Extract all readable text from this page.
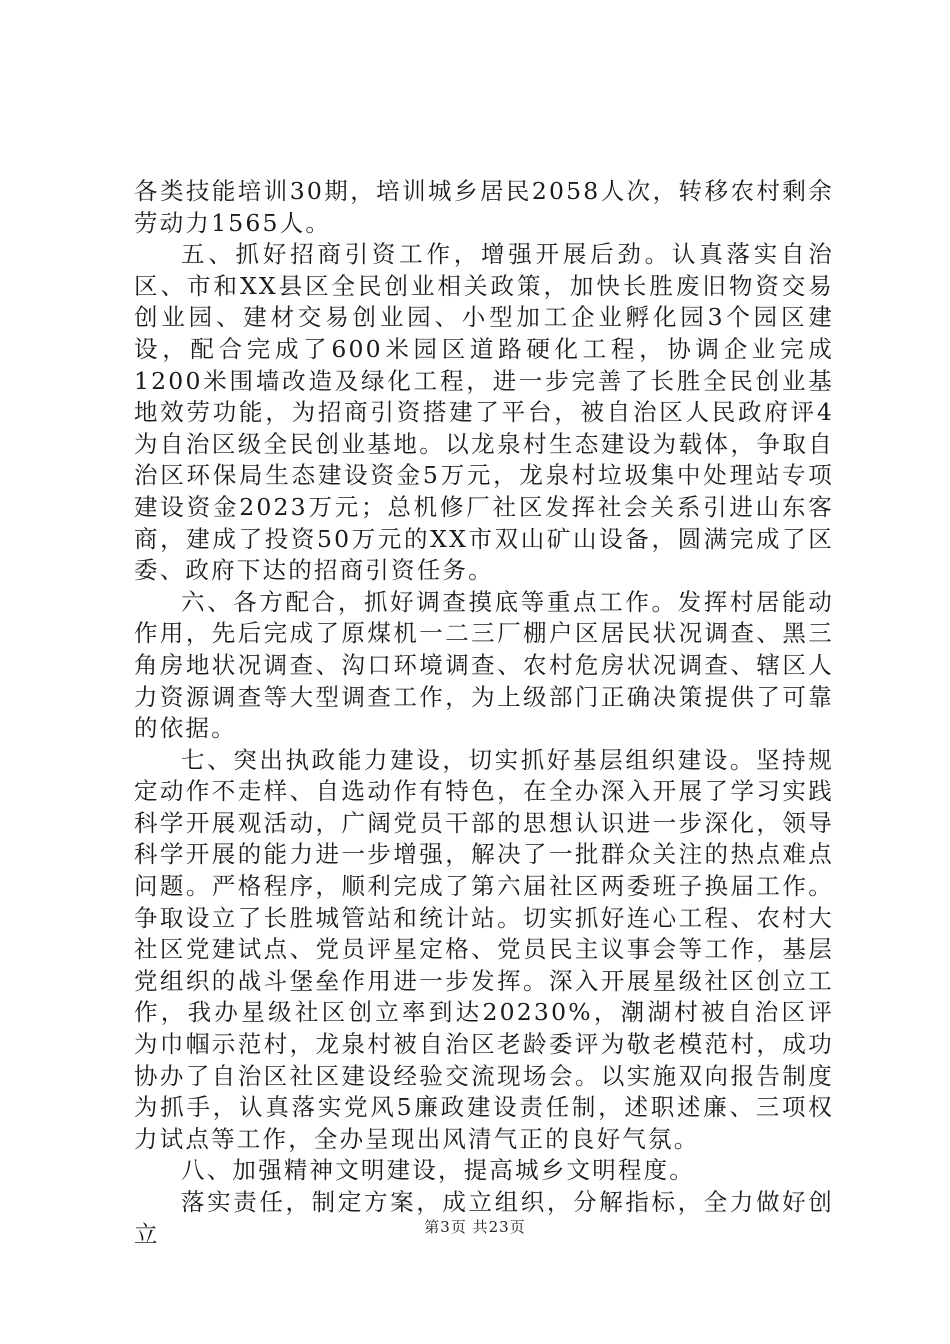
各类技能培训30期，培训城乡居民2058人次，转移农村剩余劳动力1565人。

五、抓好招商引资工作，增强开展后劲。认真落实自治区、市和XX县区全民创业相关政策，加快长胜废旧物资交易创业园、建材交易创业园、小型加工企业孵化园3个园区建设，配合完成了600米园区道路硬化工程，协调企业完成1200米围墙改造及绿化工程，进一步完善了长胜全民创业基地效劳功能，为招商引资搭建了平台，被自治区人民政府评4为自治区级全民创业基地。以龙泉村生态建设为载体，争取自治区环保局生态建设资金5万元，龙泉村垃圾集中处理站专项建设资金2023万元；总机修厂社区发挥社会关系引进山东客商，建成了投资50万元的XX市双山矿山设备，圆满完成了区委、政府下达的招商引资任务。

六、各方配合，抓好调查摸底等重点工作。发挥村居能动作用，先后完成了原煤机一二三厂棚户区居民状况调查、黑三角房地状况调查、沟口环境调查、农村危房状况调查、辖区人力资源调查等大型调查工作，为上级部门正确决策提供了可靠的依据。

七、突出执政能力建设，切实抓好基层组织建设。坚持规定动作不走样、自选动作有特色，在全办深入开展了学习实践科学开展观活动，广阔党员干部的思想认识进一步深化，领导科学开展的能力进一步增强，解决了一批群众关注的热点难点问题。严格程序，顺利完成了第六届社区两委班子换届工作。争取设立了长胜城管站和统计站。切实抓好连心工程、农村大社区党建试点、党员评星定格、党员民主议事会等工作，基层党组织的战斗堡垒作用进一步发挥。深入开展星级社区创立工作，我办星级社区创立率到达20230%，潮湖村被自治区评为巾帼示范村，龙泉村被自治区老龄委评为敬老模范村，成功协办了自治区社区建设经验交流现场会。以实施双向报告制度为抓手，认真落实党风5廉政建设责任制，述职述廉、三项权力试点等工作，全办呈现出风清气正的良好气氛。

八、加强精神文明建设，提高城乡文明程度。

落实责任，制定方案，成立组织，分解指标，全力做好创立	第3页 共23页
